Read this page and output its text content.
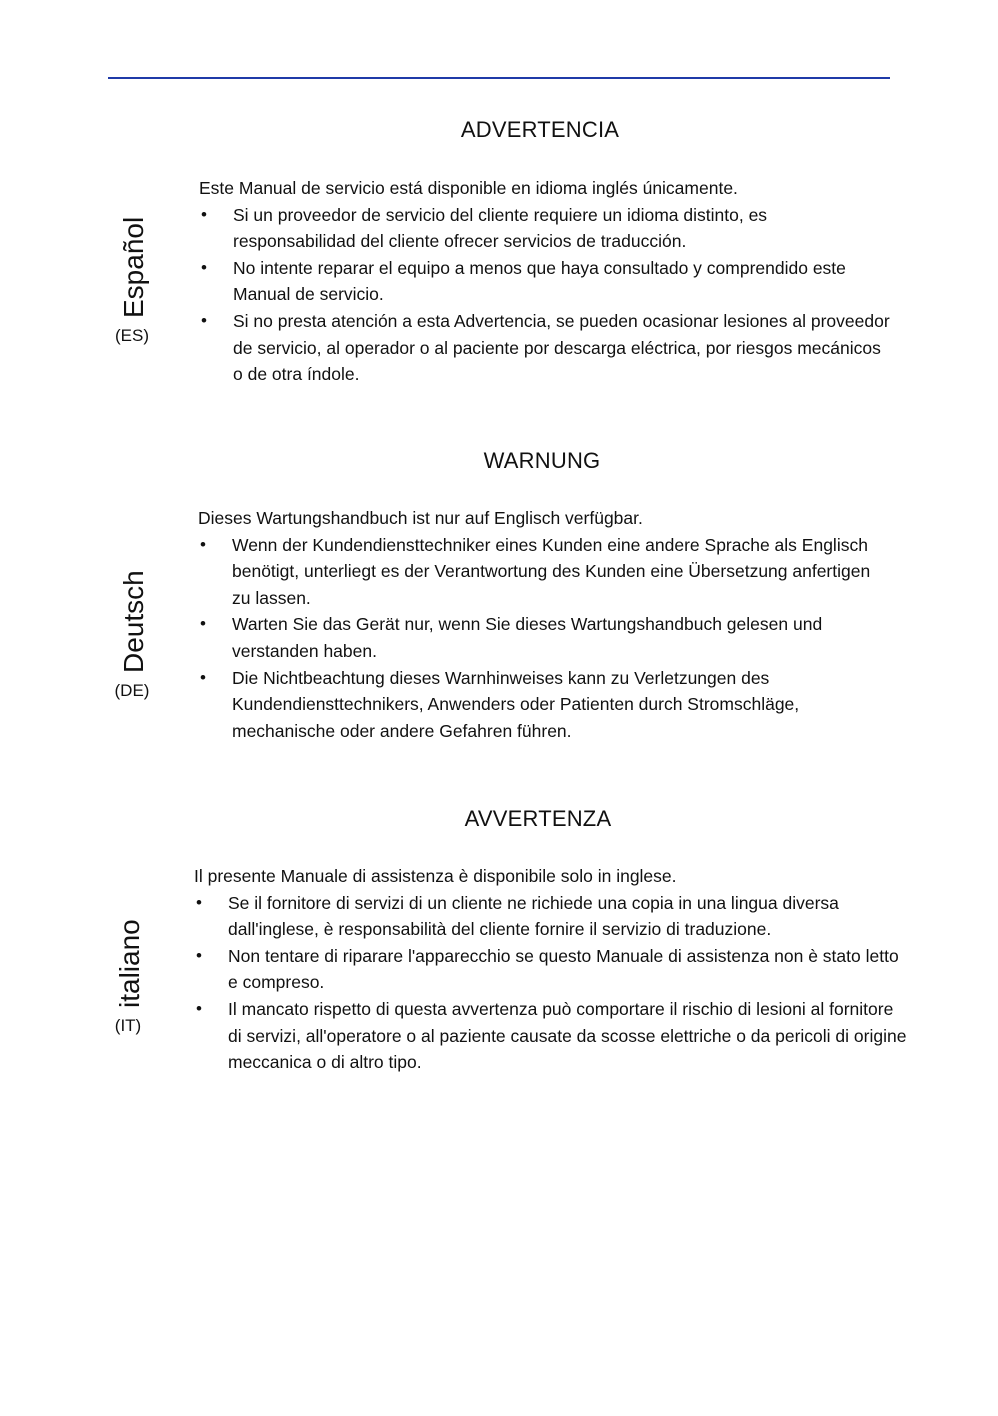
ADVERTENCIA
Español
(ES)

Este Manual de servicio está disponible en idioma inglés únicamente.

• Si un proveedor de servicio del cliente requiere un idioma distinto, es responsabilidad del cliente ofrecer servicios de traducción.
• No intente reparar el equipo a menos que haya consultado y comprendido este Manual de servicio.
• Si no presta atención a esta Advertencia, se pueden ocasionar lesiones al proveedor de servicio, al operador o al paciente por descarga eléctrica, por riesgos mecánicos o de otra índole.
WARNUNG
Deutsch
(DE)

Dieses Wartungshandbuch ist nur auf Englisch verfügbar.

• Wenn der Kundendiensttechniker eines Kunden eine andere Sprache als Englisch benötigt, unterliegt es der Verantwortung des Kunden eine Übersetzung anfertigen zu lassen.
• Warten Sie das Gerät nur, wenn Sie dieses Wartungshandbuch gelesen und verstanden haben.
• Die Nichtbeachtung dieses Warnhinweises kann zu Verletzungen des Kundendiensttechnikers, Anwenders oder Patienten durch Stromschläge, mechanische oder andere Gefahren führen.
AVVERTENZA
italiano
(IT)

Il presente Manuale di assistenza è disponibile solo in inglese.

• Se il fornitore di servizi di un cliente ne richiede una copia in una lingua diversa dall'inglese, è responsabilità del cliente fornire il servizio di traduzione.
• Non tentare di riparare l'apparecchio se questo Manuale di assistenza non è stato letto e compreso.
• Il mancato rispetto di questa avvertenza può comportare il rischio di lesioni al fornitore di servizi, all'operatore o al paziente causate da scosse elettriche o da pericoli di origine meccanica o di altro tipo.
